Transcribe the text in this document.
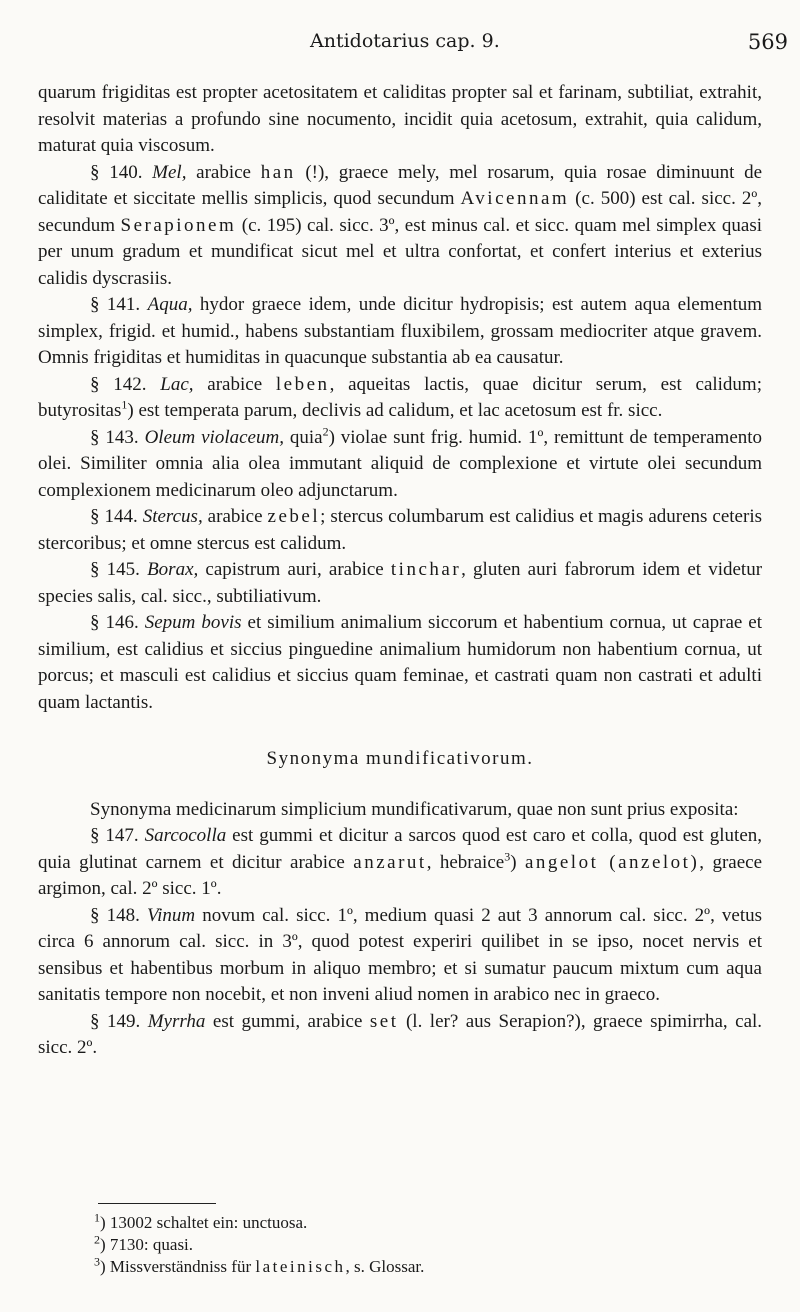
Antidotarius cap. 9.	569

quarum frigiditas est propter acetositatem et caliditas propter sal et farinam, subtiliat, extrahit, resolvit materias a profundo sine nocumento, incidit quia acetosum, extrahit, quia calidum, maturat quia viscosum.

§ 140. Mel, arabice han (!), graece mely, mel rosarum, quia rosae diminuunt de caliditate et siccitate mellis simplicis, quod secundum Avicennam (c. 500) est cal. sicc. 2º, secundum Serapionem (c. 195) cal. sicc. 3º, est minus cal. et sicc. quam mel simplex quasi per unum gradum et mundificat sicut mel et ultra confortat, et confert interius et exterius calidis dyscrasiis.

§ 141. Aqua, hydor graece idem, unde dicitur hydropisis; est autem aqua elementum simplex, frigid. et humid., habens substantiam fluxibilem, grossam mediocriter atque gravem. Omnis frigiditas et humiditas in quacunque substantia ab ea causatur.

§ 142. Lac, arabice leben, aqueitas lactis, quae dicitur serum, est calidum; butyrositas$^1$) est temperata parum, declivis ad calidum, et lac acetosum est fr. sicc.

§ 143. Oleum violaceum, quia$^2$) violae sunt frig. humid. 1º, remittunt de temperamento olei. Similiter omnia alia olea immutant aliquid de complexione et virtute olei secundum complexionem medicinarum oleo adjunctarum.

§ 144. Stercus, arabice zebel; stercus columbarum est calidius et magis adurens ceteris stercoribus; et omne stercus est calidum.

§ 145. Borax, capistrum auri, arabice tinchar, gluten auri fabrorum idem et videtur species salis, cal. sicc., subtiliativum.

§ 146. Sepum bovis et similium animalium siccorum et habentium cornua, ut caprae et similium, est calidius et siccius pinguedine animalium humidorum non habentium cornua, ut porcus; et masculi est calidius et siccius quam feminae, et castrati quam non castrati et adulti quam lactantis.

Synonyma mundificativorum.

Synonyma medicinarum simplicium mundificativarum, quae non sunt prius exposita:

§ 147. Sarcocolla est gummi et dicitur a sarcos quod est caro et colla, quod est gluten, quia glutinat carnem et dicitur arabice anzarut, hebraice$^3$) angelot (anzelot), graece argimon, cal. 2º sicc. 1º.

§ 148. Vinum novum cal. sicc. 1º, medium quasi 2 aut 3 annorum cal. sicc. 2º, vetus circa 6 annorum cal. sicc. in 3º, quod potest experiri quilibet in se ipso, nocet nervis et sensibus et habentibus morbum in aliquo membro; et si sumatur paucum mixtum cum aqua sanitatis tempore non nocebit, et non inveni aliud nomen in arabico nec in graeco.

§ 149. Myrrha est gummi, arabice set (l. ler? aus Serapion?), graece spimirrha, cal. sicc. 2º.

$^1$) 13002 schaltet ein: unctuosa.

$^2$) 7130: quasi.

$^3$) Missverständniss für lateinisch, s. Glossar.
